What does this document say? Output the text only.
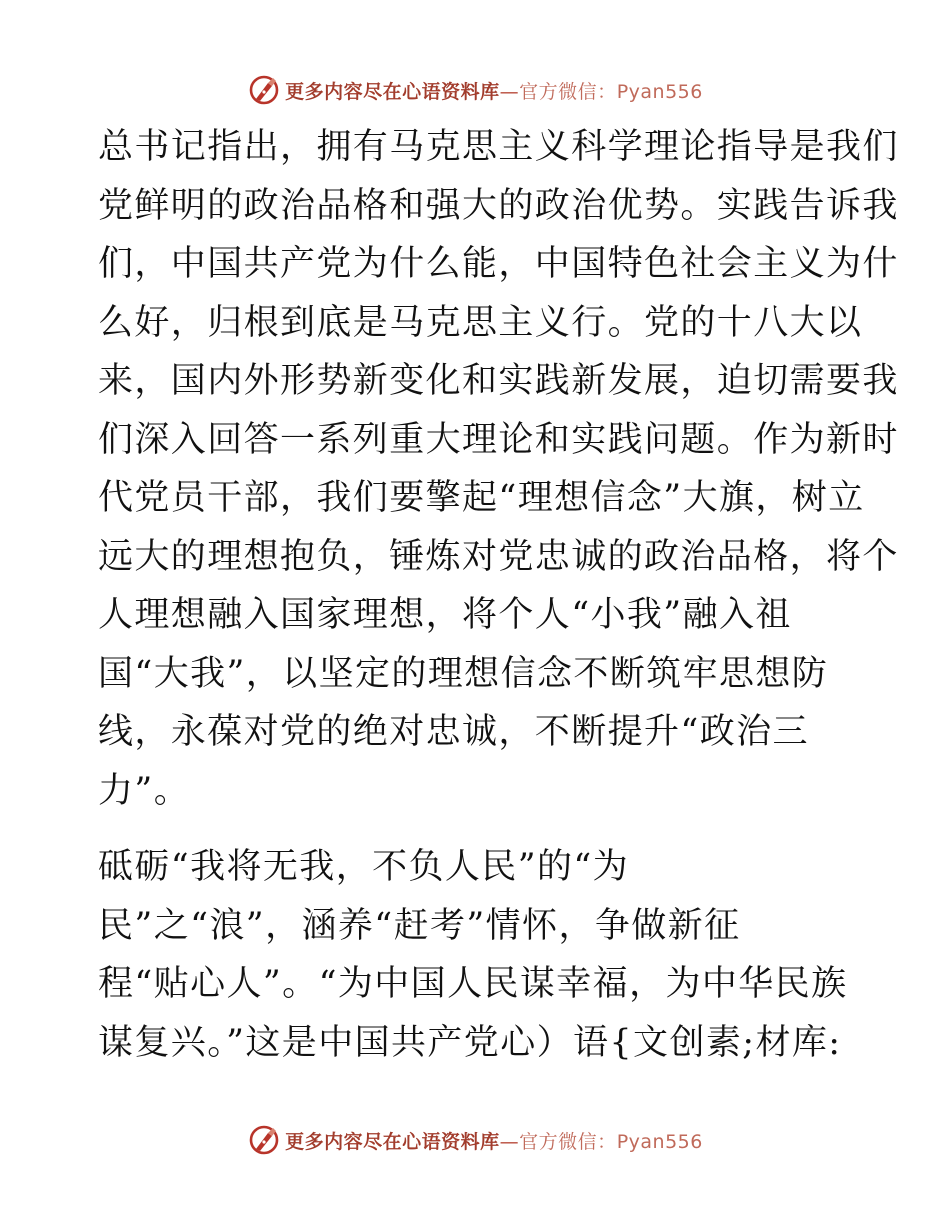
更多内容尽在心语资料库—官方微信：Pyan556
总书记指出，拥有马克思主义科学理论指导是我们
党鲜明的政治品格和强大的政治优势。实践告诉我
们，中国共产党为什么能，中国特色社会主义为什
么好，归根到底是马克思主义行。党的十八大以
来，国内外形势新变化和实践新发展，迫切需要我
们深入回答一系列重大理论和实践问题。作为新时
代党员干部，我们要擎起“理想信念”大旗，树立
远大的理想抱负，锤炼对党忠诚的政治品格，将个
人理想融入国家理想，将个人“小我”融入祖
国“大我”，以坚定的理想信念不断筑牢思想防
线，永葆对党的绝对忠诚，不断提升“政治三
力”。
砥砺“我将无我，不负人民”的“为
民”之“浪”，涵养“赶考”情怀，争做新征
程“贴心人”。“为中国人民谋幸福，为中华民族
谋复兴。”这是中国共产党心）语{文创素;材库:
更多内容尽在心语资料库—官方微信：Pyan556
